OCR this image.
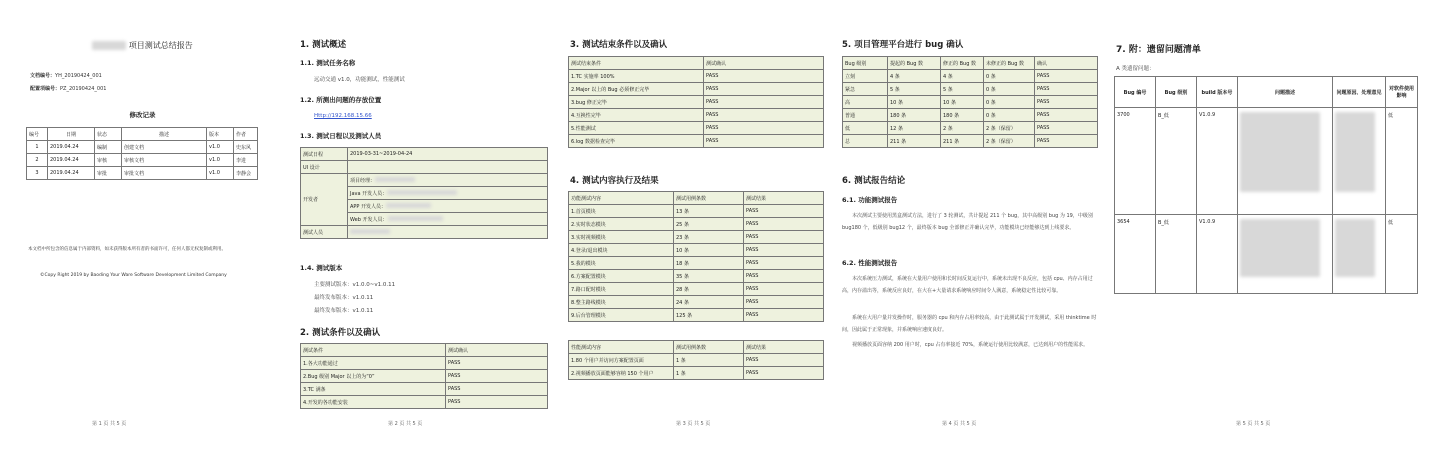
项目测试总结报告
文档编号：YH_20190424_001
配置项编号：PZ_20190424_001
修改记录
编号	日期	状态	描述	版本	作者
1	2019.04.24	编制	创建文档	v1.0	史东风
2	2019.04.24	审核	审核文档	v1.0	李进
3	2019.04.24	审批	审批文档	v1.0	李静会
本文档中所包含的信息属于内部资料，如未获得版本所有者的书面许可，任何人都无权复制或利用。
©Copy Right 2019 by Baoding Your Ware Software Development Limited Company
第 1 页 共 5 页
1. 测试概述
1.1. 测试任务名称
远动交通 v1.0，功能测试，性能测试
1.2. 所测出问题的存放位置
Http://192.168.15.66
1.3. 测试日程以及测试人员
测试日程	2019-03-31~2019-04-24
UI 设计	
开发者	项目经理：
	Java 开发人员：
	APP 开发人员：
	Web 开发人员：
测试人员	
1.4. 测试版本
主要测试版本：v1.0.0~v1.0.11
最终发布版本：v1.0.11
最终发布版本：v1.0.11
2. 测试条件以及确认
测试条件	测试确认
1.各大功能通过	PASS
2.Bug 级别 Major 以上的为“0”	PASS
3.TC 满条	PASS
4.开发的各功能安装	PASS
第 2 页 共 5 页
3. 测试结束条件以及确认
测试结束条件	测试确认
1.TC 实施率 100%	PASS
2.Major 以上的 Bug 必须修正完毕	PASS
3.bug 修正完毕	PASS
4.互换性完毕	PASS
5.性能测试	PASS
6.log 数据检查完毕	PASS
4. 测试内容执行及结果
功能测试内容	测试用例条数	测试结果
1.首页模块	13 条	PASS
2.实时状态模块	25 条	PASS
3.实时视频模块	23 条	PASS
4.登录/退出模块	10 条	PASS
5.我的模块	18 条	PASS
6.方案配置模块	35 条	PASS
7.路口配时模块	28 条	PASS
8.整主路线模块	24 条	PASS
9.后台管理模块	125 条	PASS
性能测试内容	测试用例条数	测试结果
1.80 个用户并访问方案配置页面	1 条	PASS
2.视频播放页面能够容纳 150 个用户	1 条	PASS
第 3 页 共 5 页
5. 项目管理平台进行 bug 确认
Bug 级别	提起的 Bug 数	修正的 Bug 数	未修正的 Bug 数	确认
立刻	4 条	4 条	0 条	PASS
紧急	5 条	5 条	0 条	PASS
高	10 条	10 条	0 条	PASS
普通	180 条	180 条	0 条	PASS
低	12 条	2 条	2 条（保留）	PASS
总	211 条	211 条	2 条（保留）	PASS
6. 测试报告结论
6.1. 功能测试报告
本次测试主要使用黑盒测试方法，进行了 3 轮测试，共计提起 211 个 bug，其中高级别 bug 为 19，中级别 bug180 个，低级别 bug12 个，最终版本 bug 全部修正并确认完毕，功能模块已经能够达到上线要求。
6.2. 性能测试报告
本次系统压力测试，系统在大量用户使用和长时间反复运行中，系统未出现不良反应，包括 cpu、内存占用过高，内存溢出等，系统反应良好，在大在+大量请求系统响应时间令人满意，系统稳定性比较可靠。
系统在大用户量并发操作时，服务器的 cpu 和内存占用率较高，由于此测试属于开发测试，采用 thinktime 时间，因此属于正常现象，并系统响应速度良好。
视频播放页面容纳 200 用户时，cpu 占有率接近 70%，系统运行使用比较满意，已达到用户的性能需求。
第 4 页 共 5 页
7. 附：遗留问题清单
A 类遗留问题：
Bug 编号	Bug 级别	build 版本号	问题描述	问题原因、处理意见	对软件使用影响
3700	B_低	V1.0.9			低
3654	B_低	V1.0.9			低
第 5 页 共 5 页
